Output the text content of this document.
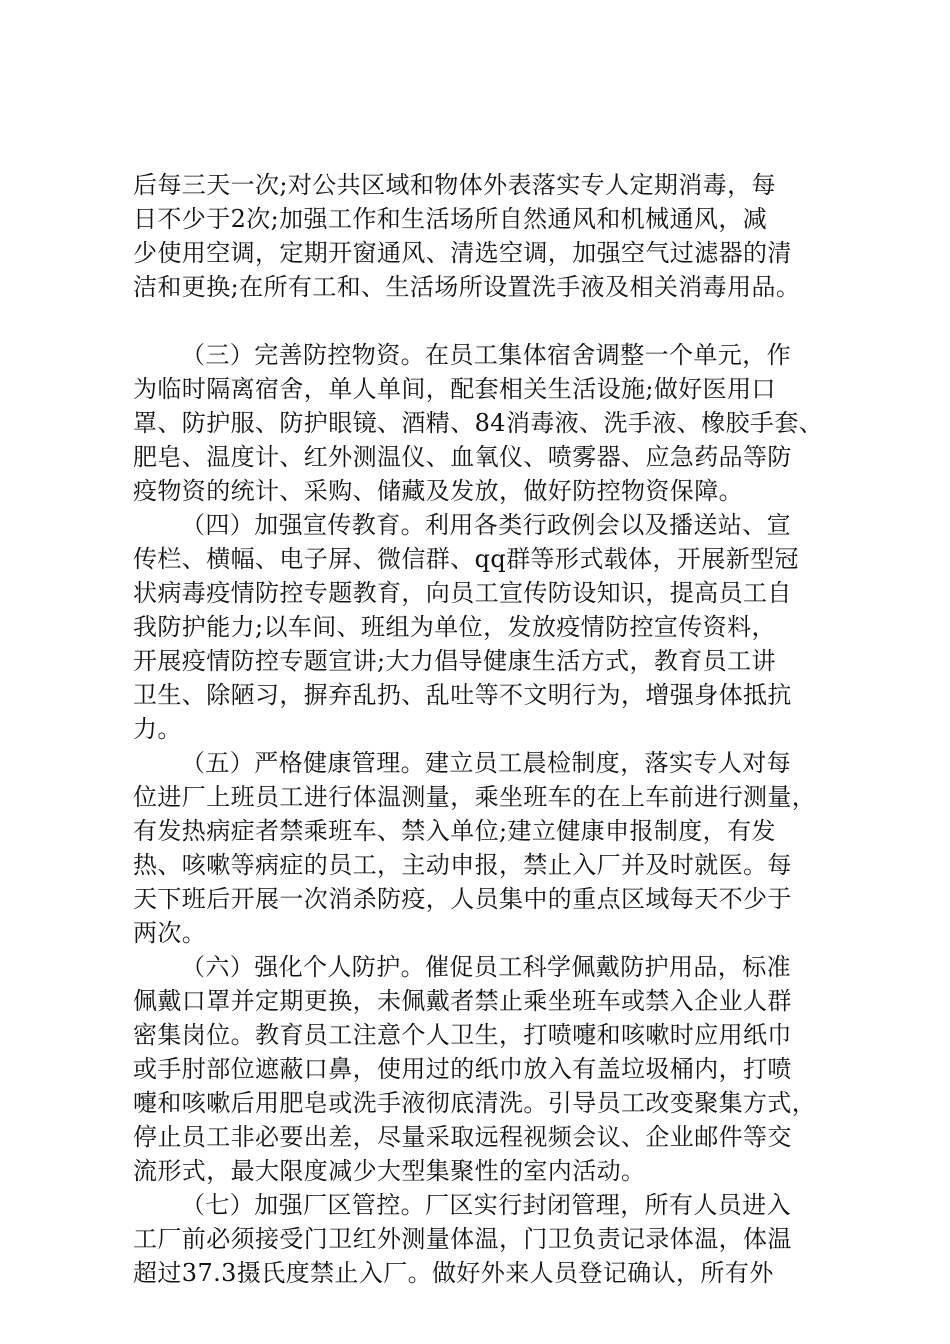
后每三天一次;对公共区域和物体外表落实专人定期消毒，每
日不少于2次;加强工作和生活场所自然通风和机械通风，减
少使用空调，定期开窗通风、清选空调，加强空气过滤器的清
洁和更换;在所有工和、生活场所设置洗手液及相关消毒用品。
（三）完善防控物资。在员工集体宿舍调整一个单元，作
为临时隔离宿舍，单人单间，配套相关生活设施;做好医用口
罩、防护服、防护眼镜、酒精、84消毒液、洗手液、橡胶手套、
肥皂、温度计、红外测温仪、血氧仪、喷雾器、应急药品等防
疫物资的统计、采购、储藏及发放，做好防控物资保障。
（四）加强宣传教育。利用各类行政例会以及播送站、宣
传栏、横幅、电子屏、微信群、qq群等形式载体，开展新型冠
状病毒疫情防控专题教育，向员工宣传防设知识，提高员工自
我防护能力;以车间、班组为单位，发放疫情防控宣传资料，
开展疫情防控专题宣讲;大力倡导健康生活方式，教育员工讲
卫生、除陋习，摒弃乱扔、乱吐等不文明行为，增强身体抵抗
力。
（五）严格健康管理。建立员工晨检制度，落实专人对每
位进厂上班员工进行体温测量，乘坐班车的在上车前进行测量，
有发热病症者禁乘班车、禁入单位;建立健康申报制度，有发
热、咳嗽等病症的员工，主动申报，禁止入厂并及时就医。每
天下班后开展一次消杀防疫，人员集中的重点区域每天不少于
两次。
（六）强化个人防护。催促员工科学佩戴防护用品，标准
佩戴口罩并定期更换，未佩戴者禁止乘坐班车或禁入企业人群
密集岗位。教育员工注意个人卫生，打喷嚏和咳嗽时应用纸巾
或手肘部位遮蔽口鼻，使用过的纸巾放入有盖垃圾桶内，打喷
嚏和咳嗽后用肥皂或洗手液彻底清洗。引导员工改变聚集方式，
停止员工非必要出差，尽量采取远程视频会议、企业邮件等交
流形式，最大限度减少大型集聚性的室内活动。
（七）加强厂区管控。厂区实行封闭管理，所有人员进入
工厂前必须接受门卫红外测量体温，门卫负责记录体温，体温
超过37.3摄氏度禁止入厂。做好外来人员登记确认，所有外
